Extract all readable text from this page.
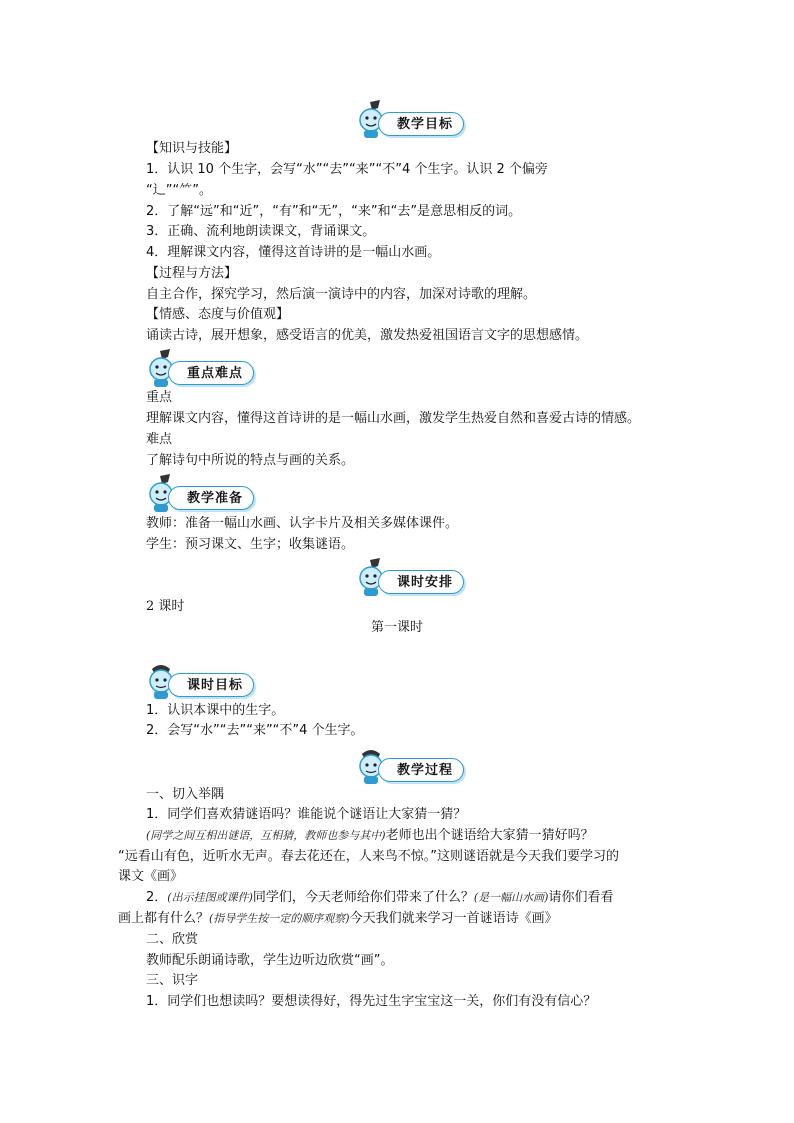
教学目标
【知识与技能】
1．认识 10 个生字，会写“水”“去”“来”“不”4 个生字。认识 2 个偏旁
“辶”“⺮”。
2．了解“远”和“近”，“有”和“无”，“来”和“去”是意思相反的词。
3．正确、流利地朗读课文，背诵课文。
4．理解课文内容，懂得这首诗讲的是一幅山水画。
【过程与方法】
自主合作，探究学习，然后演一演诗中的内容，加深对诗歌的理解。
【情感、态度与价值观】
诵读古诗，展开想象，感受语言的优美，激发热爱祖国语言文字的思想感情。
重点难点
重点
理解课文内容，懂得这首诗讲的是一幅山水画，激发学生热爱自然和喜爱古诗的情感。
难点
了解诗句中所说的特点与画的关系。
教学准备
教师：准备一幅山水画、认字卡片及相关多媒体课件。
学生：预习课文、生字；收集谜语。
课时安排
2 课时
第一课时
课时目标
1．认识本课中的生字。
2．会写“水”“去”“来”“不”4 个生字。
教学过程
一、切入举隅
1．同学们喜欢猜谜语吗？谁能说个谜语让大家猜一猜？
(同学之间互相出谜语，互相猜，教师也参与其中)老师也出个谜语给大家猜一猜好吗？
“远看山有色，近听水无声。春去花还在，人来鸟不惊。”这则谜语就是今天我们要学习的
课文《画》
2．(出示挂图或课件)同学们，今天老师给你们带来了什么？(是一幅山水画)请你们看看
画上都有什么？(指导学生按一定的顺序观察)今天我们就来学习一首谜语诗《画》
二、欣赏
教师配乐朗诵诗歌，学生边听边欣赏“画”。
三、识字
1．同学们也想读吗？要想读得好，得先过生字宝宝这一关，你们有没有信心？
